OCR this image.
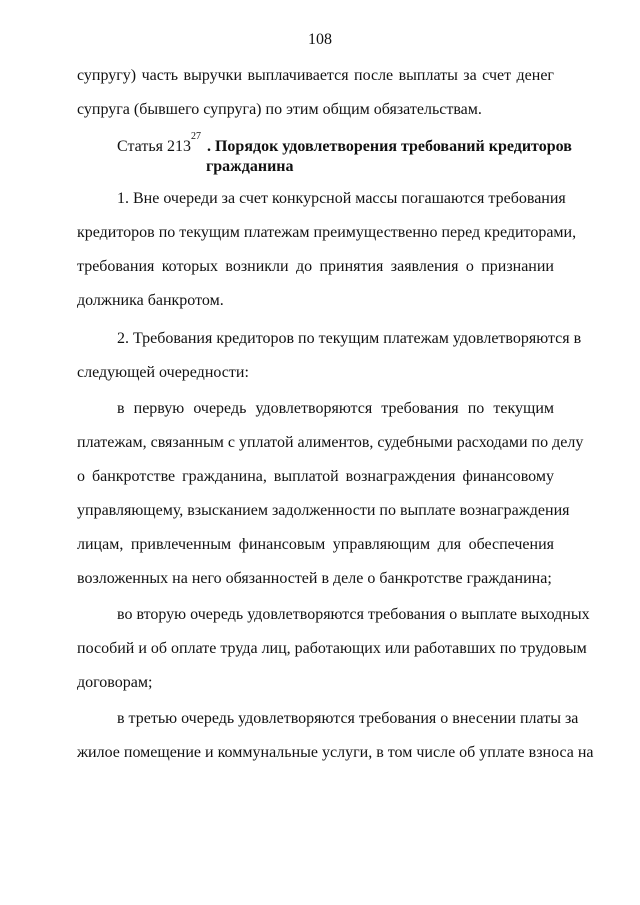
108
супругу) часть выручки выплачивается после выплаты за счет денег
супруга (бывшего супруга) по этим общим обязательствам.
Статья 213
27
. Порядок удовлетворения требований кредиторов
гражданина
1. Вне очереди за счет конкурсной массы погашаются требования
кредиторов по текущим платежам преимущественно перед кредиторами,
требования которых возникли до принятия заявления о признании
должника банкротом.
2. Требования кредиторов по текущим платежам удовлетворяются в
следующей очередности:
в первую очередь удовлетворяются требования по текущим
платежам, связанным с уплатой алиментов, судебными расходами по делу
о банкротстве гражданина, выплатой вознаграждения финансовому
управляющему, взысканием задолженности по выплате вознаграждения
лицам, привлеченным финансовым управляющим для обеспечения
возложенных на него обязанностей в деле о банкротстве гражданина;
во вторую очередь удовлетворяются требования о выплате выходных
пособий и об оплате труда лиц, работающих или работавших по трудовым
договорам;
в третью очередь удовлетворяются требования о внесении платы за
жилое помещение и коммунальные услуги, в том числе об уплате взноса на
